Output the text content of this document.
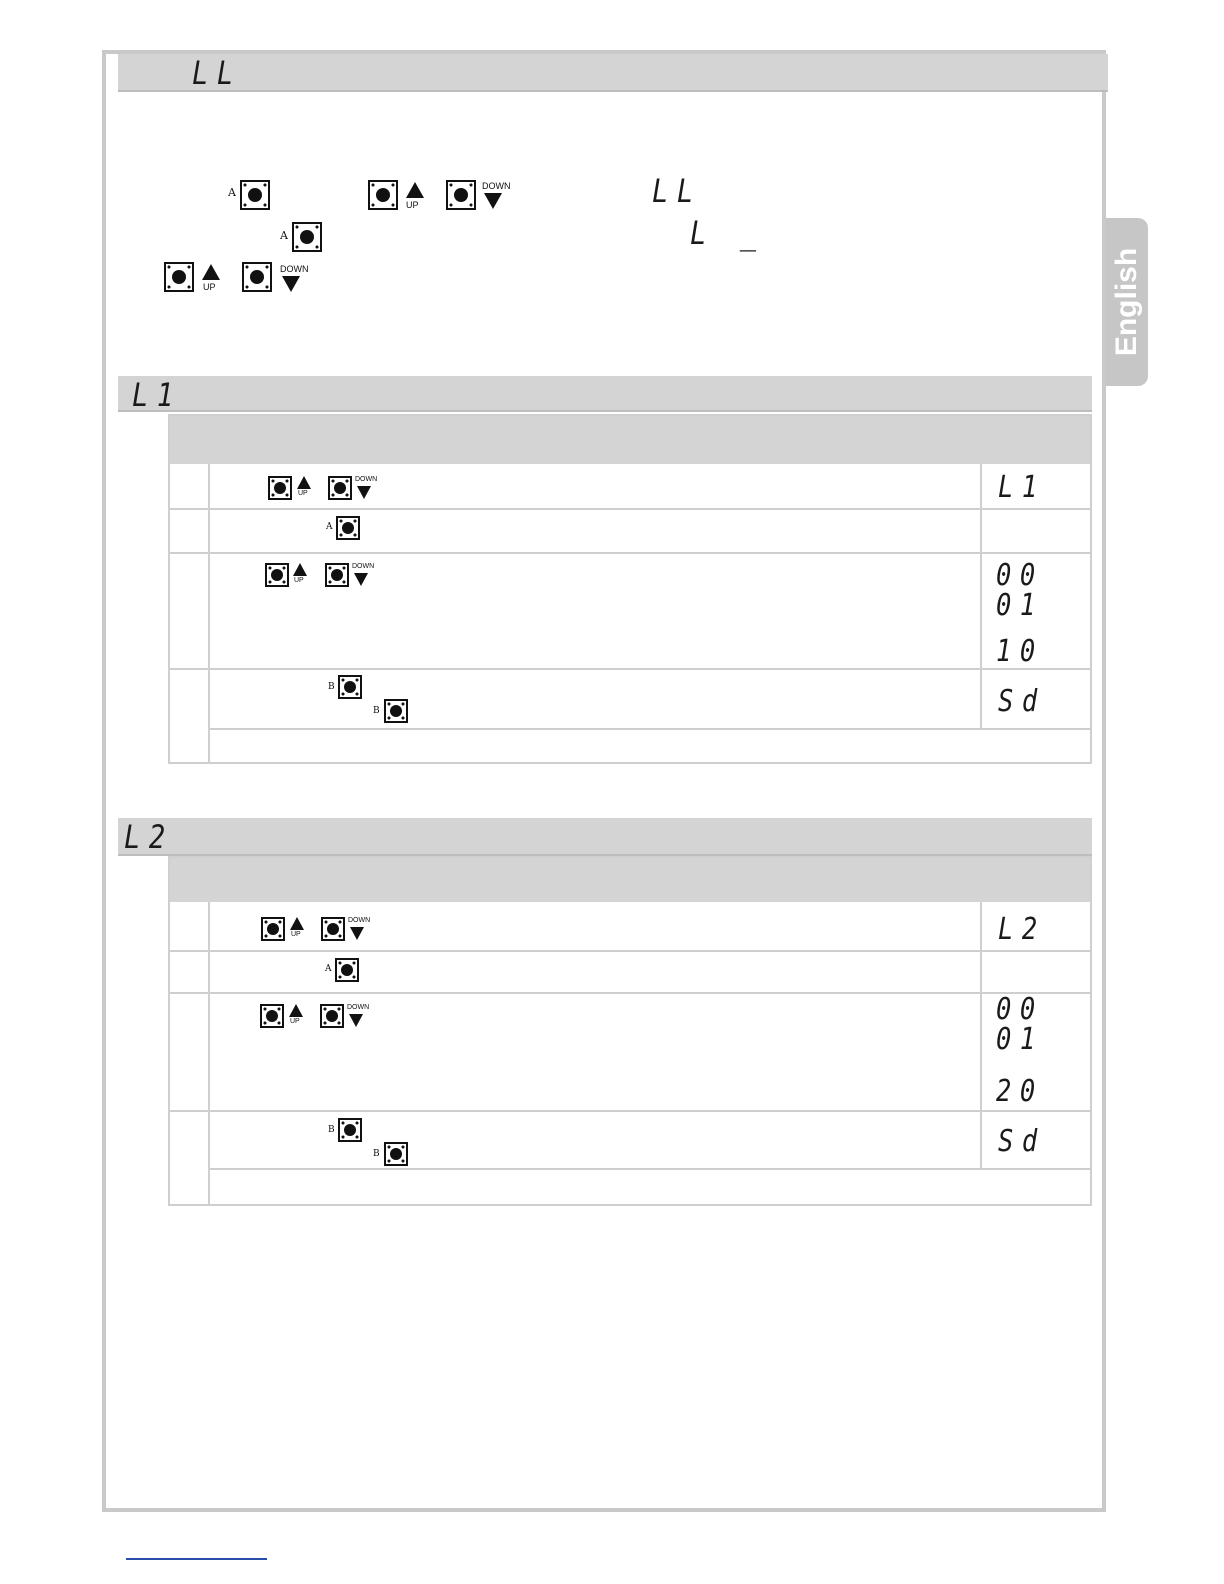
LL
English
A
UP
DOWN	LL
A	L _
UP
DOWN
L1
UP
DOWN	L1
A
UP
DOWN	00
01
10
B
B	Sd
L2
UP
DOWN	L2
A
UP
DOWN	00
01
20
B
B	Sd
